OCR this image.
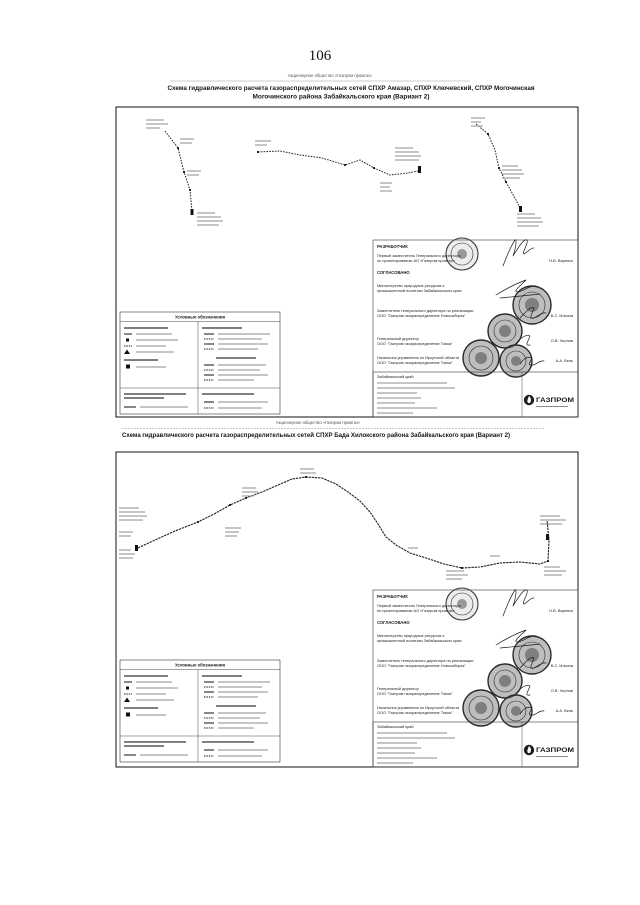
106
Акционерное общество «Газпром промгаз»
Схема гидравлического расчета газораспределительных сетей СПХР Амазар, СПХР Ключевский, СПХР Могочинская
Могочинского района Забайкальского края (Вариант 2)
Условные обозначения
РАЗРАБОТЧИК
Первый заместитель Генерального директора
по проектированию АО «Газпром промгаз»	Н.В. Варенко
СОГЛАСОВАНО
Министерство природных ресурсов и
промышленной политики Забайкальского края
Заместитель генерального директора по реализации
ООО "Газпром газораспределение Новосибирск"	В.С. Ильина
Генеральный директор
ООО "Газпром газораспределение Томск"
О.В. Чернов
Начальник управления по Иркутской области
ООО "Газпром газораспределение Томск"	А.А. Бель
Забайкальский край
ГАЗПРОМ
Акционерное общество «Газпром промгаз»
Схема гидравлического расчета газораспределительных сетей СПХР Бада Хилокского района Забайкальского края (Вариант 2)
Условные обозначения
РАЗРАБОТЧИК
Первый заместитель Генерального директора
по проектированию АО «Газпром промгаз»	Н.В. Варенко
СОГЛАСОВАНО
Министерство природных ресурсов и
промышленной политики Забайкальского края
Заместитель генерального директора по реализации
ООО "Газпром газораспределение Новосибирск"	В.С. Ильина
Генеральный директор
ООО "Газпром газораспределение Томск"
О.В. Чернов
Начальник управления по Иркутской области
ООО "Газпром газораспределение Томск"	А.А. Бель
Забайкальский край
ГАЗПРОМ
